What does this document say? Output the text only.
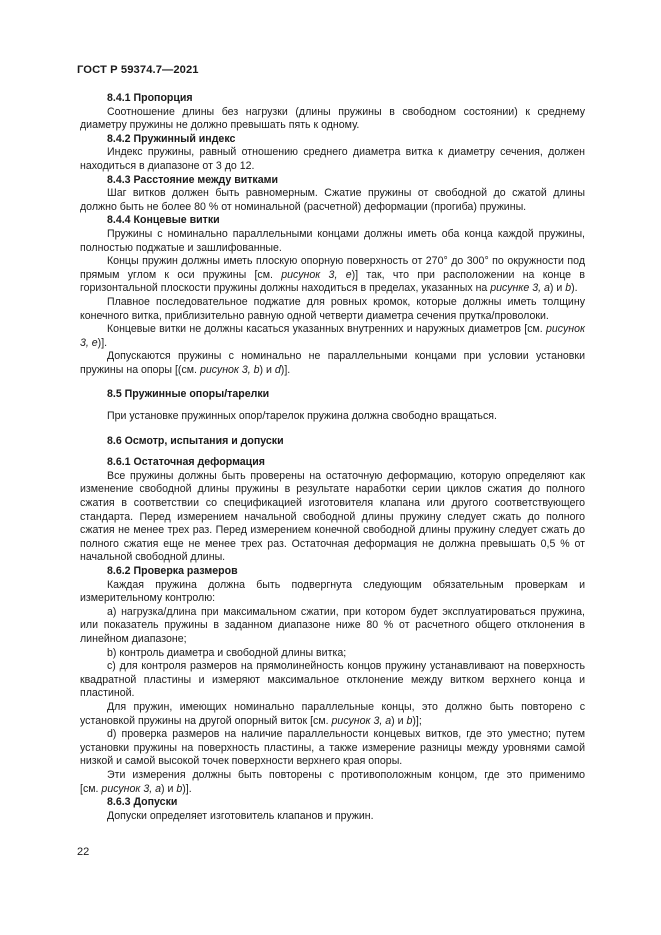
ГОСТ Р 59374.7—2021

8.4.1 Пропорция

Соотношение длины без нагрузки (длины пружины в свободном состоянии) к среднему диаметру пружины не должно превышать пять к одному.

8.4.2 Пружинный индекс

Индекс пружины, равный отношению среднего диаметра витка к диаметру сечения, должен находиться в диапазоне от 3 до 12.

8.4.3 Расстояние между витками

Шаг витков должен быть равномерным. Сжатие пружины от свободной до сжатой длины должно быть не более 80 % от номинальной (расчетной) деформации (прогиба) пружины.

8.4.4 Концевые витки

Пружины с номинально параллельными концами должны иметь оба конца каждой пружины, полностью поджатые и зашлифованные.

Концы пружин должны иметь плоскую опорную поверхность от 270° до 300° по окружности под прямым углом к оси пружины [см. рисунок 3, е)] так, что при расположении на конце в горизонтальной плоскости пружины должны находиться в пределах, указанных на рисунке 3, а) и b).

Плавное последовательное поджатие для ровных кромок, которые должны иметь толщину конечного витка, приблизительно равную одной четверти диаметра сечения прутка/проволоки.

Концевые витки не должны касаться указанных внутренних и наружных диаметров [см. рисунок 3, е)].

Допускаются пружины с номинально не параллельными концами при условии установки пружины на опоры [(см. рисунок 3, b) и d)].

8.5 Пружинные опоры/тарелки

При установке пружинных опор/тарелок пружина должна свободно вращаться.

8.6 Осмотр, испытания и допуски

8.6.1 Остаточная деформация

Все пружины должны быть проверены на остаточную деформацию, которую определяют как изменение свободной длины пружины в результате наработки серии циклов сжатия до полного сжатия в соответствии со спецификацией изготовителя клапана или другого соответствующего стандарта. Перед измерением начальной свободной длины пружину следует сжать до полного сжатия не менее трех раз. Перед измерением конечной свободной длины пружину следует сжать до полного сжатия еще не менее трех раз. Остаточная деформация не должна превышать 0,5 % от начальной свободной длины.

8.6.2 Проверка размеров

Каждая пружина должна быть подвергнута следующим обязательным проверкам и измерительному контролю:

а) нагрузка/длина при максимальном сжатии, при котором будет эксплуатироваться пружина, или показатель пружины в заданном диапазоне ниже 80 % от расчетного общего отклонения в линейном диапазоне;

b) контроль диаметра и свободной длины витка;

с) для контроля размеров на прямолинейность концов пружину устанавливают на поверхность квадратной пластины и измеряют максимальное отклонение между витком верхнего конца и пластиной.

Для пружин, имеющих номинально параллельные концы, это должно быть повторено с установкой пружины на другой опорный виток [см. рисунок 3, а) и b)];

d) проверка размеров на наличие параллельности концевых витков, где это уместно; путем установки пружины на поверхность пластины, а также измерение разницы между уровнями самой низкой и самой высокой точек поверхности верхнего края опоры.

Эти измерения должны быть повторены с противоположным концом, где это применимо

[см. рисунок 3, а) и b)].

8.6.3 Допуски

Допуски определяет изготовитель клапанов и пружин.

22
